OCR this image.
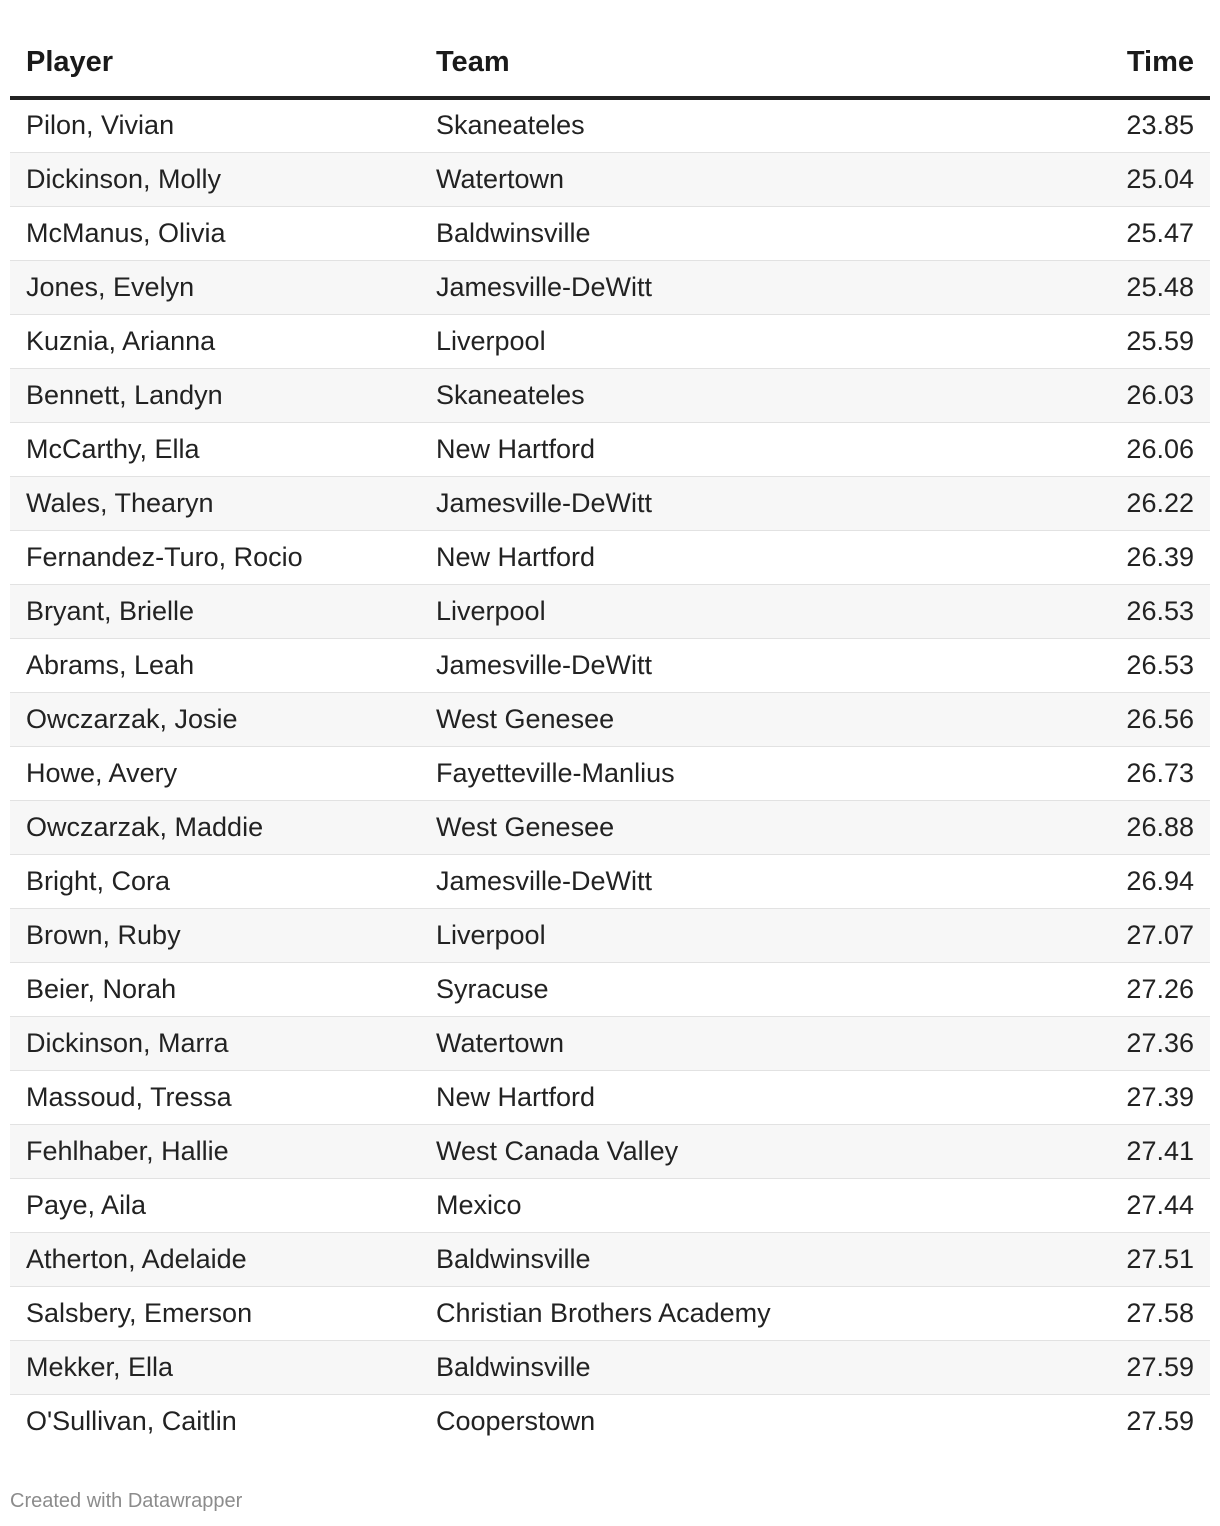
Player	Team	Time
Pilon, Vivian	Skaneateles	23.85
Dickinson, Molly	Watertown	25.04
McManus, Olivia	Baldwinsville	25.47
Jones, Evelyn	Jamesville-DeWitt	25.48
Kuznia, Arianna	Liverpool	25.59
Bennett, Landyn	Skaneateles	26.03
McCarthy, Ella	New Hartford	26.06
Wales, Thearyn	Jamesville-DeWitt	26.22
Fernandez-Turo, Rocio	New Hartford	26.39
Bryant, Brielle	Liverpool	26.53
Abrams, Leah	Jamesville-DeWitt	26.53
Owczarzak, Josie	West Genesee	26.56
Howe, Avery	Fayetteville-Manlius	26.73
Owczarzak, Maddie	West Genesee	26.88
Bright, Cora	Jamesville-DeWitt	26.94
Brown, Ruby	Liverpool	27.07
Beier, Norah	Syracuse	27.26
Dickinson, Marra	Watertown	27.36
Massoud, Tressa	New Hartford	27.39
Fehlhaber, Hallie	West Canada Valley	27.41
Paye, Aila	Mexico	27.44
Atherton, Adelaide	Baldwinsville	27.51
Salsbery, Emerson	Christian Brothers Academy	27.58
Mekker, Ella	Baldwinsville	27.59
O'Sullivan, Caitlin	Cooperstown	27.59
Created with Datawrapper
